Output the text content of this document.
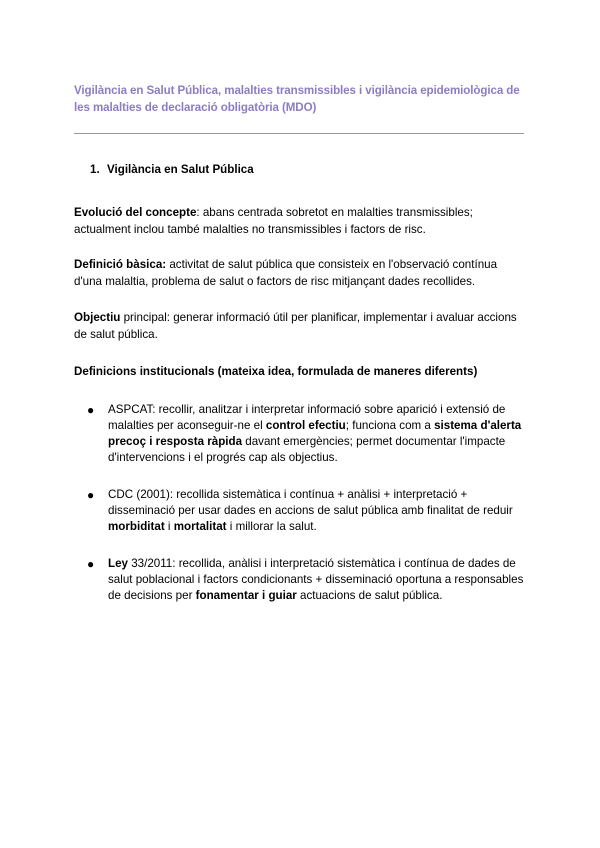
Vigilància en Salut Pública, malalties transmissibles i vigilància epidemiològica de les malalties de declaració obligatòria (MDO)
1. Vigilància en Salut Pública
Evolució del concepte: abans centrada sobretot en malalties transmissibles; actualment inclou també malalties no transmissibles i factors de risc.
Definició bàsica: activitat de salut pública que consisteix en l'observació contínua d'una malaltia, problema de salut o factors de risc mitjançant dades recollides.
Objectiu principal: generar informació útil per planificar, implementar i avaluar accions de salut pública.
Definicions institucionals (mateixa idea, formulada de maneres diferents)
● ASPCAT: recollir, analitzar i interpretar informació sobre aparició i extensió de malalties per aconseguir-ne el control efectiu; funciona com a sistema d'alerta precoç i resposta ràpida davant emergències; permet documentar l'impacte d'intervencions i el progrés cap als objectius.
● CDC (2001): recollida sistemàtica i contínua + anàlisi + interpretació + disseminació per usar dades en accions de salut pública amb finalitat de reduir morbiditat i mortalitat i millorar la salut.
● Ley 33/2011: recollida, anàlisi i interpretació sistemàtica i contínua de dades de salut poblacional i factors condicionants + disseminació oportuna a responsables de decisions per fonamentar i guiar actuacions de salut pública.
